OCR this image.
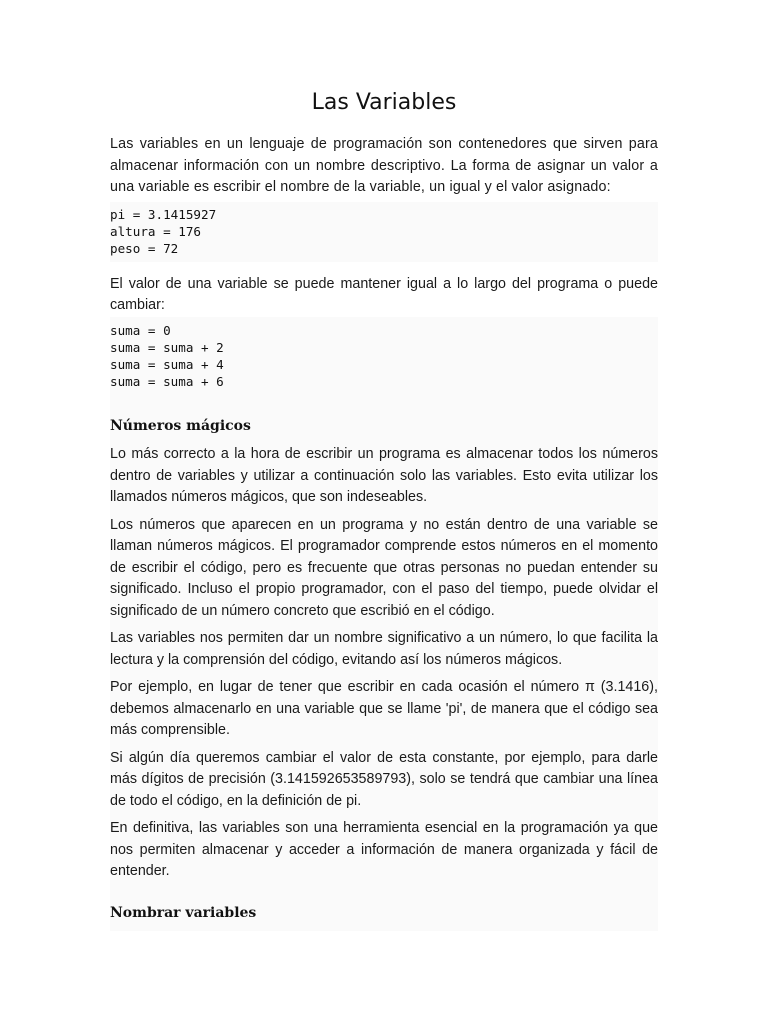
Las Variables

Las variables en un lenguaje de programación son contenedores que sirven para almacenar información con un nombre descriptivo. La forma de asignar un valor a una variable es escribir el nombre de la variable, un igual y el valor asignado:

pi = 3.1415927
altura = 176
peso = 72

El valor de una variable se puede mantener igual a lo largo del programa o puede cambiar:

suma = 0
suma = suma + 2
suma = suma + 4
suma = suma + 6
Números mágicos

Lo más correcto a la hora de escribir un programa es almacenar todos los números dentro de variables y utilizar a continuación solo las variables. Esto evita utilizar los llamados números mágicos, que son indeseables.

Los números que aparecen en un programa y no están dentro de una variable se llaman números mágicos. El programador comprende estos números en el momento de escribir el código, pero es frecuente que otras personas no puedan entender su significado. Incluso el propio programador, con el paso del tiempo, puede olvidar el significado de un número concreto que escribió en el código.

Las variables nos permiten dar un nombre significativo a un número, lo que facilita la lectura y la comprensión del código, evitando así los números mágicos.

Por ejemplo, en lugar de tener que escribir en cada ocasión el número π (3.1416), debemos almacenarlo en una variable que se llame 'pi', de manera que el código sea más comprensible.

Si algún día queremos cambiar el valor de esta constante, por ejemplo, para darle más dígitos de precisión (3.141592653589793), solo se tendrá que cambiar una línea de todo el código, en la definición de pi.

En definitiva, las variables son una herramienta esencial en la programación ya que nos permiten almacenar y acceder a información de manera organizada y fácil de entender.

Nombrar variables
